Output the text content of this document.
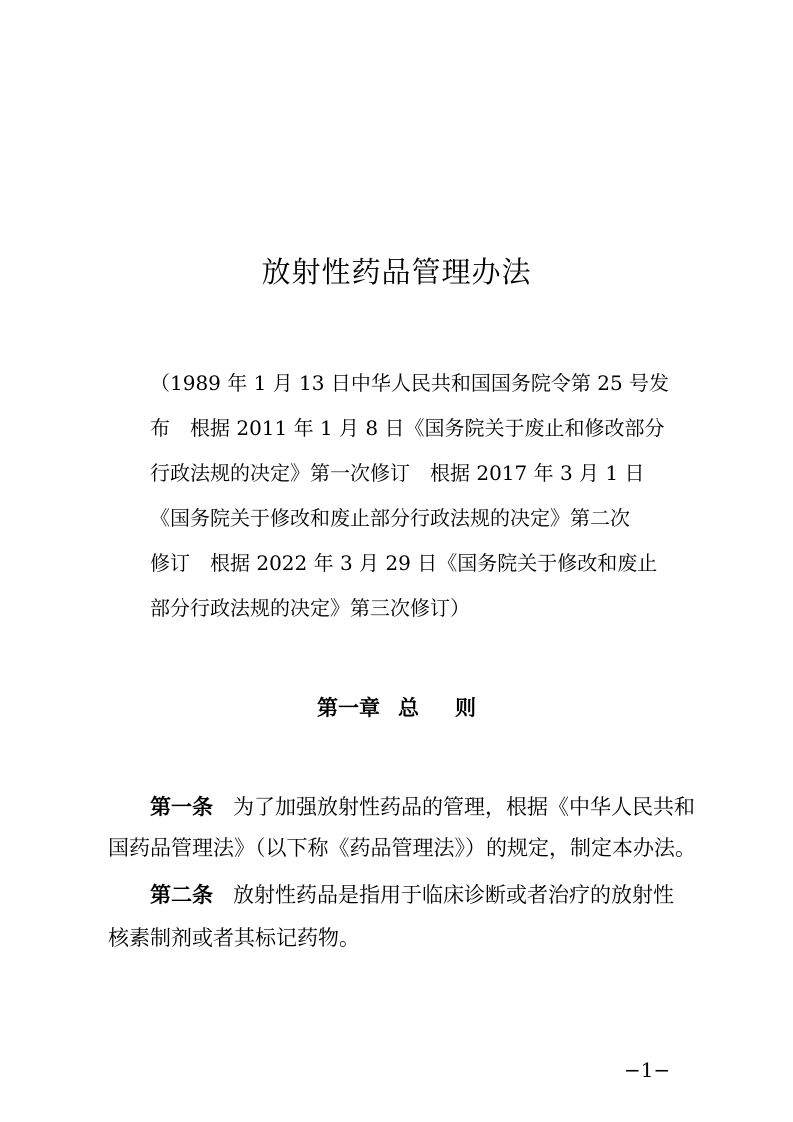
放射性药品管理办法
（1989 年 1 月 13 日中华人民共和国国务院令第 25 号发
布　根据 2011 年 1 月 8 日《国务院关于废止和修改部分
行政法规的决定》第一次修订　根据 2017 年 3 月 1 日
《国务院关于修改和废止部分行政法规的决定》第二次
修订　根据 2022 年 3 月 29 日《国务院关于修改和废止
部分行政法规的决定》第三次修订）
第一章 总 则
第一条 为了加强放射性药品的管理，根据《中华人民共和
国药品管理法》（以下称《药品管理法》）的规定，制定本办法。
第二条 放射性药品是指用于临床诊断或者治疗的放射性
核素制剂或者其标记药物。
−1−
